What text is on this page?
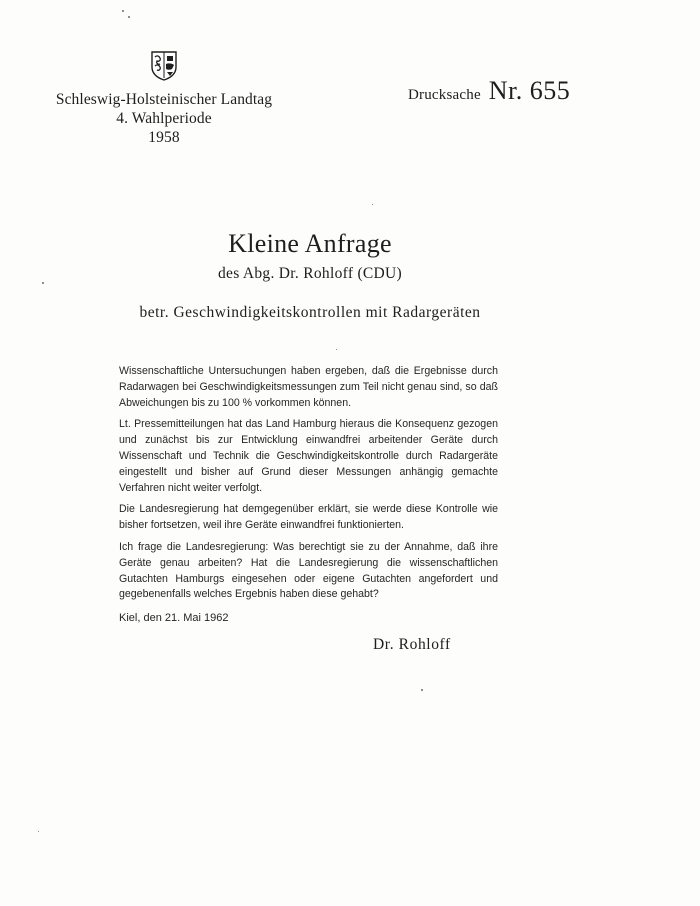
Schleswig-Holsteinischer Landtag
4. Wahlperiode
1958
Drucksache Nr. 655
Kleine Anfrage
des Abg. Dr. Rohloff (CDU)
betr. Geschwindigkeitskontrollen mit Radargeräten

Wissenschaftliche Untersuchungen haben ergeben, daß die Ergebnisse durch Radarwagen bei Geschwindigkeitsmessungen zum Teil nicht genau sind, so daß Abweichungen bis zu 100 % vorkommen können.

Lt. Pressemitteilungen hat das Land Hamburg hieraus die Konsequenz gezogen und zunächst bis zur Entwicklung einwandfrei arbeitender Geräte durch Wissenschaft und Technik die Geschwindigkeitskontrolle durch Radargeräte eingestellt und bisher auf Grund dieser Messungen anhängig gemachte Verfahren nicht weiter verfolgt.

Die Landesregierung hat demgegenüber erklärt, sie werde diese Kontrolle wie bisher fortsetzen, weil ihre Geräte einwandfrei funktionierten.

Ich frage die Landesregierung: Was berechtigt sie zu der Annahme, daß ihre Geräte genau arbeiten? Hat die Landesregierung die wissenschaftlichen Gutachten Hamburgs eingesehen oder eigene Gutachten angefordert und gegebenenfalls welches Ergebnis haben diese gehabt?

Kiel, den 21. Mai 1962
Dr. Rohloff
